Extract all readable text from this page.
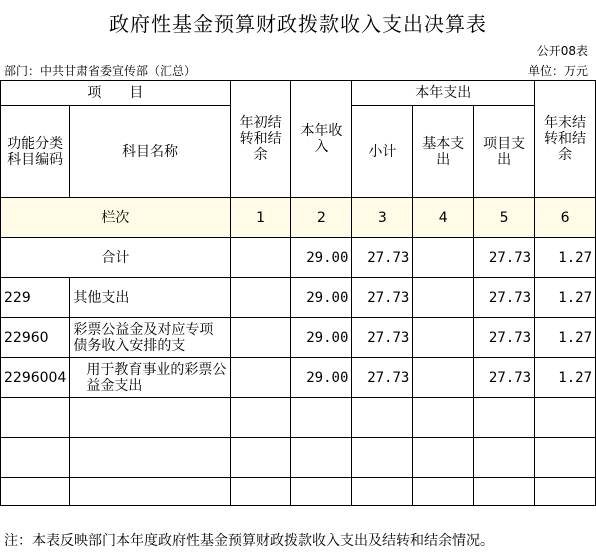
政府性基金预算财政拨款收入支出决算表
公开08表
部门：中共甘肃省委宣传部（汇总）	单位：万元
项　　目		年初结转和结余	本年收入	本年支出			年末结转和结余
功能分类科目编码	科目名称			小计	基本支出	项目支出	
栏次		1	2	3	4	5	6
合计			29.00	27.73		27.73	1.27
229	其他支出		29.00	27.73		27.73	1.27
22960	彩票公益金及对应专项债务收入安排的支		29.00	27.73		27.73	1.27
2296004	用于教育事业的彩票公益金支出		29.00	27.73		27.73	1.27

注：本表反映部门本年度政府性基金预算财政拨款收入支出及结转和结余情况。
